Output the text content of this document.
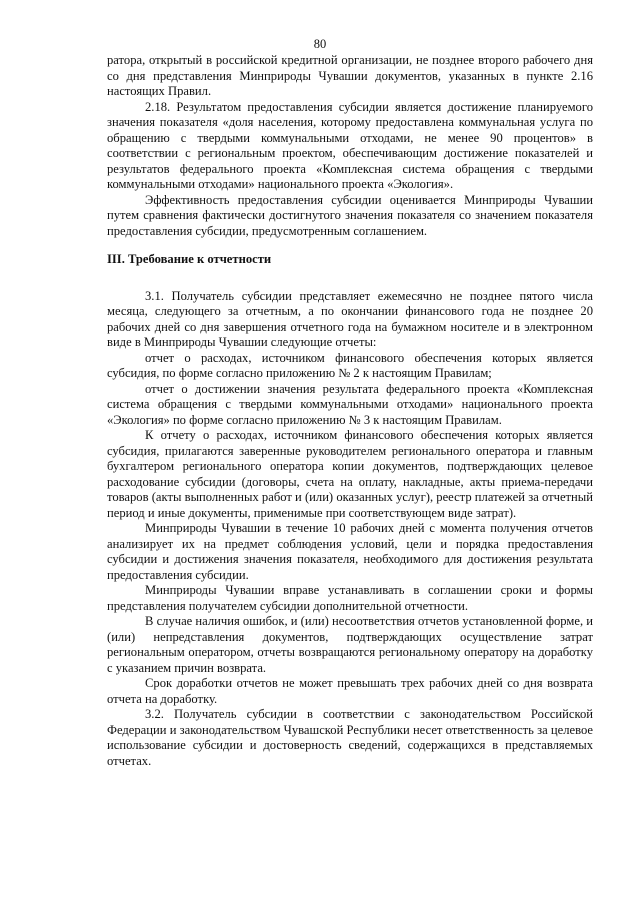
80

ратора, открытый в российской кредитной организации, не позднее второго рабочего дня со дня представления Минприроды Чувашии документов, указанных в пункте 2.16 настоящих Правил.

2.18. Результатом предоставления субсидии является достижение планируемого значения показателя «доля населения, которому предоставлена коммунальная услуга по обращению с твердыми коммунальными отходами, не менее 90 процентов» в соответствии с региональным проектом, обеспечивающим достижение показателей и результатов федерального проекта «Комплексная система обращения с твердыми коммунальными отходами» национального проекта «Экология».

Эффективность предоставления субсидии оценивается Минприроды Чувашии путем сравнения фактически достигнутого значения показателя со значением показателя предоставления субсидии, предусмотренным соглашением.

III. Требование к отчетности

3.1. Получатель субсидии представляет ежемесячно не позднее пятого числа месяца, следующего за отчетным, а по окончании финансового года не позднее 20 рабочих дней со дня завершения отчетного года на бумажном носителе и в электронном виде в Минприроды Чувашии следующие отчеты:

отчет о расходах, источником финансового обеспечения которых является субсидия, по форме согласно приложению № 2 к настоящим Правилам;

отчет о достижении значения результата федерального проекта «Комплексная система обращения с твердыми коммунальными отходами» национального проекта «Экология» по форме согласно приложению № 3 к настоящим Правилам.

К отчету о расходах, источником финансового обеспечения которых является субсидия, прилагаются заверенные руководителем регионального оператора и главным бухгалтером регионального оператора копии документов, подтверждающих целевое расходование субсидии (договоры, счета на оплату, накладные, акты приема-передачи товаров (акты выполненных работ и (или) оказанных услуг), реестр платежей за отчетный период и иные документы, применимые при соответствующем виде затрат).

Минприроды Чувашии в течение 10 рабочих дней с момента получения отчетов анализирует их на предмет соблюдения условий, цели и порядка предоставления субсидии и достижения значения показателя, необходимого для достижения результата предоставления субсидии.

Минприроды Чувашии вправе устанавливать в соглашении сроки и формы представления получателем субсидии дополнительной отчетности.

В случае наличия ошибок, и (или) несоответствия отчетов установленной форме, и (или) непредставления документов, подтверждающих осуществление затрат региональным оператором, отчеты возвращаются региональному оператору на доработку с указанием причин возврата.

Срок доработки отчетов не может превышать трех рабочих дней со дня возврата отчета на доработку.

3.2. Получатель субсидии в соответствии с законодательством Российской Федерации и законодательством Чувашской Республики несет ответственность за целевое использование субсидии и достоверность сведений, содержащихся в представляемых отчетах.
